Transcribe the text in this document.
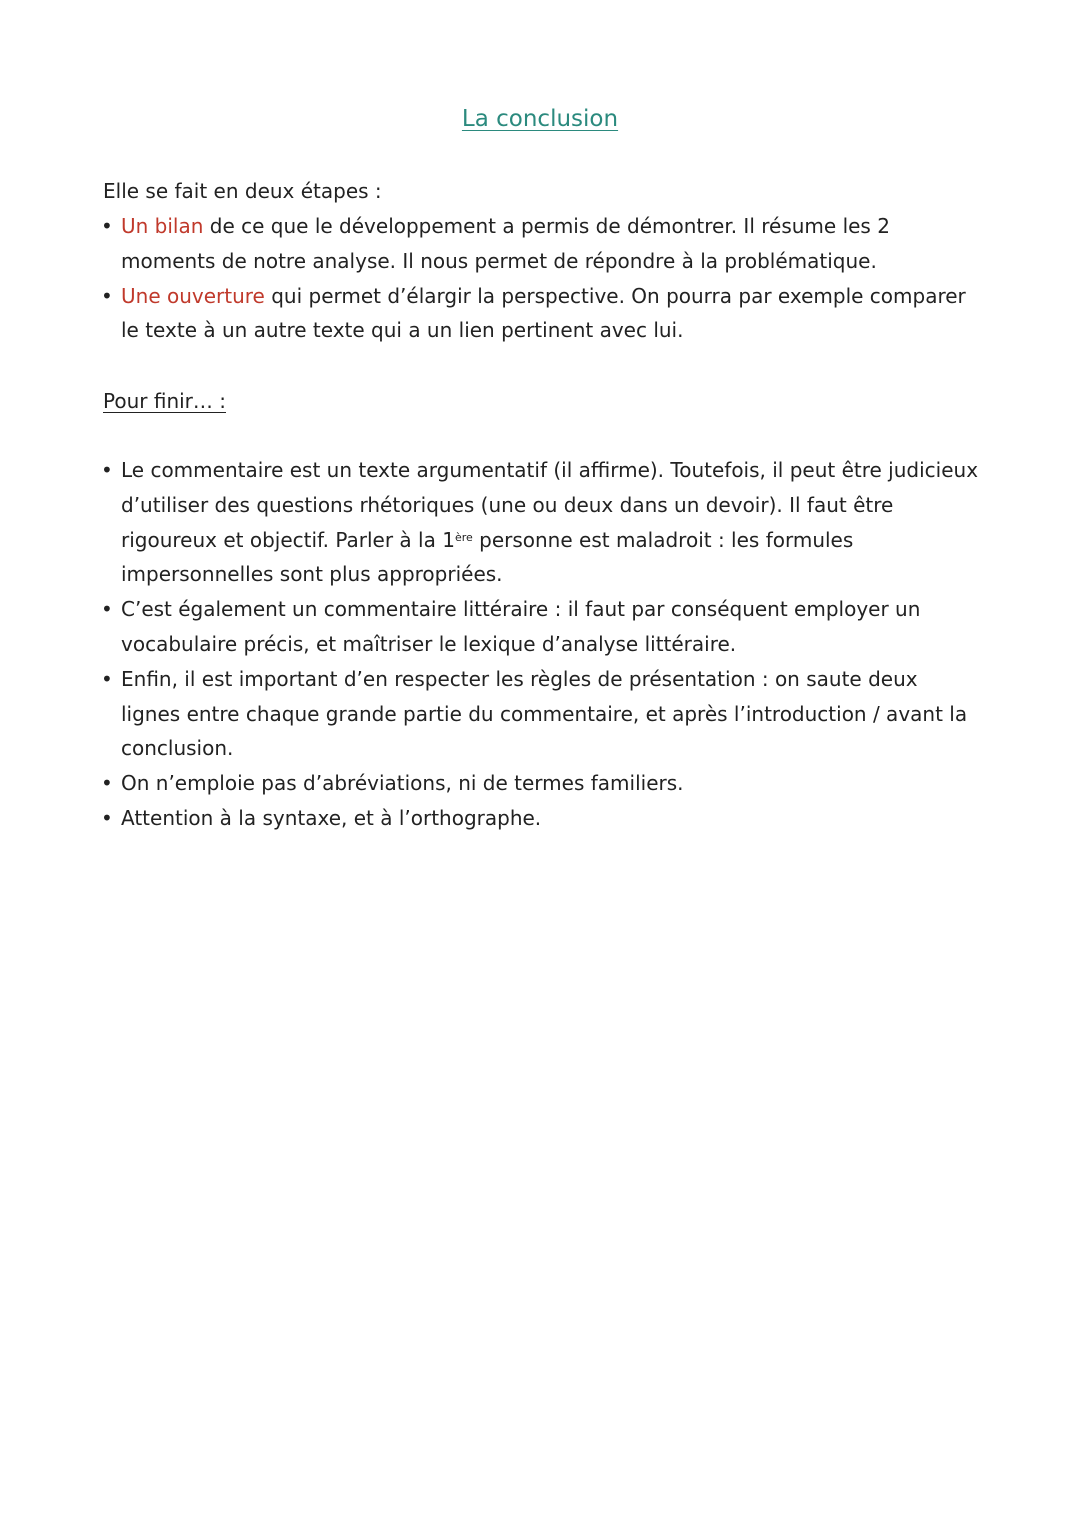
La conclusion
Elle se fait en deux étapes :
• Un bilan de ce que le développement a permis de démontrer. Il résume les 2 moments de notre analyse. Il nous permet de répondre à la problématique.
• Une ouverture qui permet d’élargir la perspective. On pourra par exemple comparer le texte à un autre texte qui a un lien pertinent avec lui.
Pour finir… :
• Le commentaire est un texte argumentatif (il affirme). Toutefois, il peut être judicieux d’utiliser des questions rhétoriques (une ou deux dans un devoir). Il faut être rigoureux et objectif. Parler à la 1ère personne est maladroit : les formules impersonnelles sont plus appropriées.
• C’est également un commentaire littéraire : il faut par conséquent employer un vocabulaire précis, et maîtriser le lexique d’analyse littéraire.
• Enfin, il est important d’en respecter les règles de présentation : on saute deux lignes entre chaque grande partie du commentaire, et après l’introduction / avant la conclusion.
• On n’emploie pas d’abréviations, ni de termes familiers.
• Attention à la syntaxe, et à l’orthographe.
